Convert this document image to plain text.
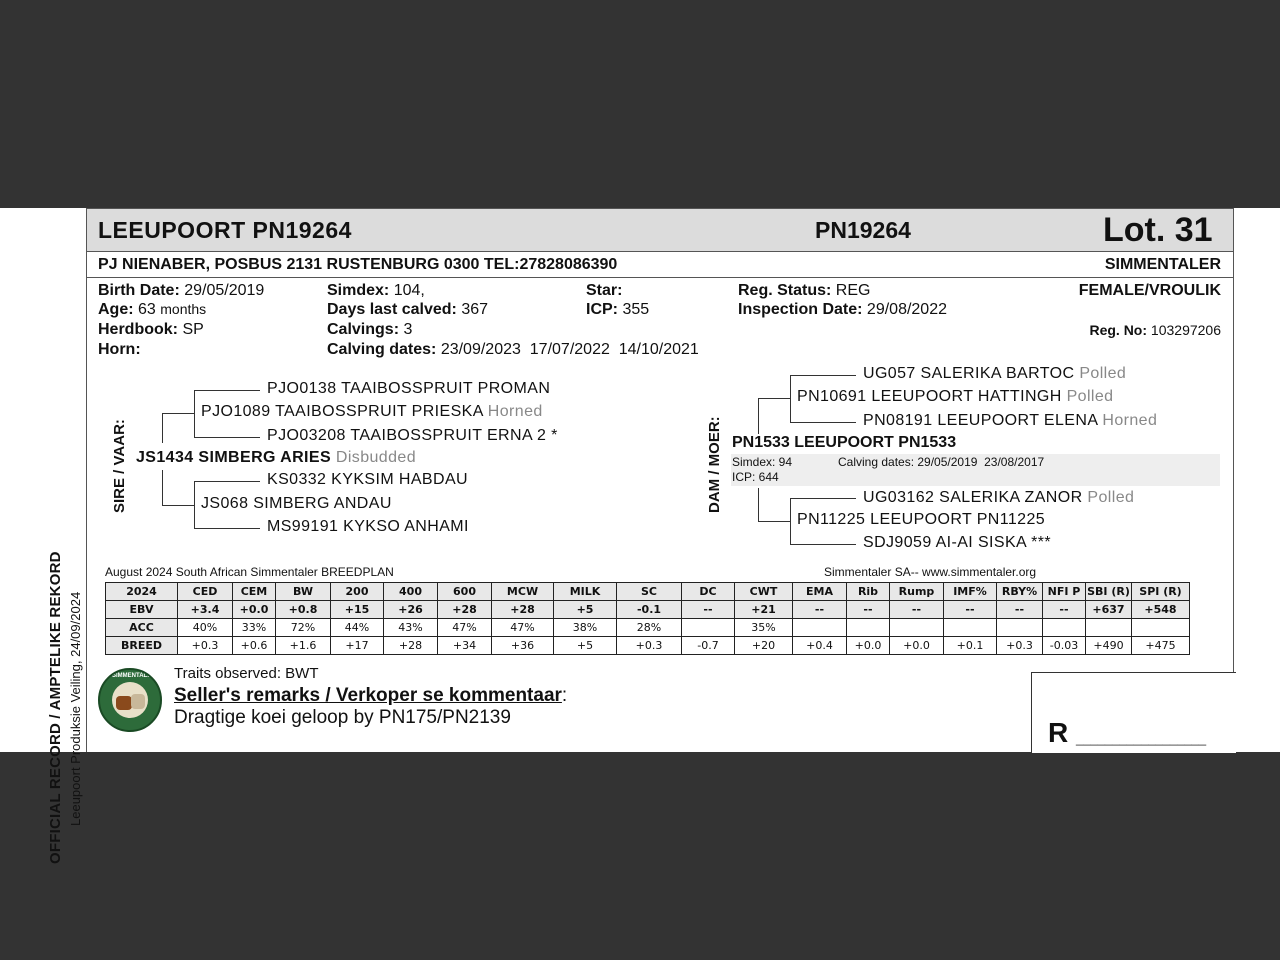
OFFICIAL RECORD / AMPTELIKE REKORD Leeupoort Produksie Veiling, 24/09/2024
LEEUPOORT PN19264	PN19264	Lot. 31
PJ NIENABER, POSBUS 2131 RUSTENBURG 0300 TEL:27828086390	SIMMENTALER
Birth Date: 29/05/2019
Age: 63 months
Herdbook: SP
Horn:
Simdex: 104,
Days last calved: 367
Calvings: 3
Calving dates: 23/09/2023  17/07/2022  14/10/2021
Star:
ICP: 355
Reg. Status: REG
Inspection Date: 29/08/2022
FEMALE/VROULIK
Reg. No: 103297206
SIRE / VAAR:
PJO0138 TAAIBOSSPRUIT PROMAN
PJO1089 TAAIBOSSPRUIT PRIESKA Horned
PJO03208 TAAIBOSSPRUIT ERNA 2 *
JS1434 SIMBERG ARIES Disbudded
KS0332 KYKSIM HABDAU
JS068 SIMBERG ANDAU
MS99191 KYKSO ANHAMI
DAM / MOER:
UG057 SALERIKA BARTOC Polled
PN10691 LEEUPOORT HATTINGH Polled
PN08191 LEEUPOORT ELENA Horned
PN1533 LEEUPOORT PN1533
UG03162 SALERIKA ZANOR Polled
PN11225 LEEUPOORT PN11225
SDJ9059 AI-AI SISKA ***
Simdex: 94	Calving dates: 29/05/2019  23/08/2017
ICP: 644
August 2024 South African Simmentaler BREEDPLAN	Simmentaler SA-- www.simmentaler.org
2024	CED	CEM	BW	200	400	600	MCW	MILK	SC	DC	CWT	EMA	Rib	Rump	IMF%	RBY%	NFI P	SBI (R)	SPI (R)
EBV	+3.4	+0.0	+0.8	+15	+26	+28	+28	+5	-0.1	--	+21	--	--	--	--	--	--	+637	+548
ACC	40%	33%	72%	44%	43%	47%	47%	38%	28%		35%								
BREED	+0.3	+0.6	+1.6	+17	+28	+34	+36	+5	+0.3	-0.7	+20	+0.4	+0.0	+0.0	+0.1	+0.3	-0.03	+490	+475
SIMMENTALER Traits observed: BWT
Seller's remarks / Verkoper se kommentaar:
Dragtige koei geloop by PN175/PN2139	R __________________
